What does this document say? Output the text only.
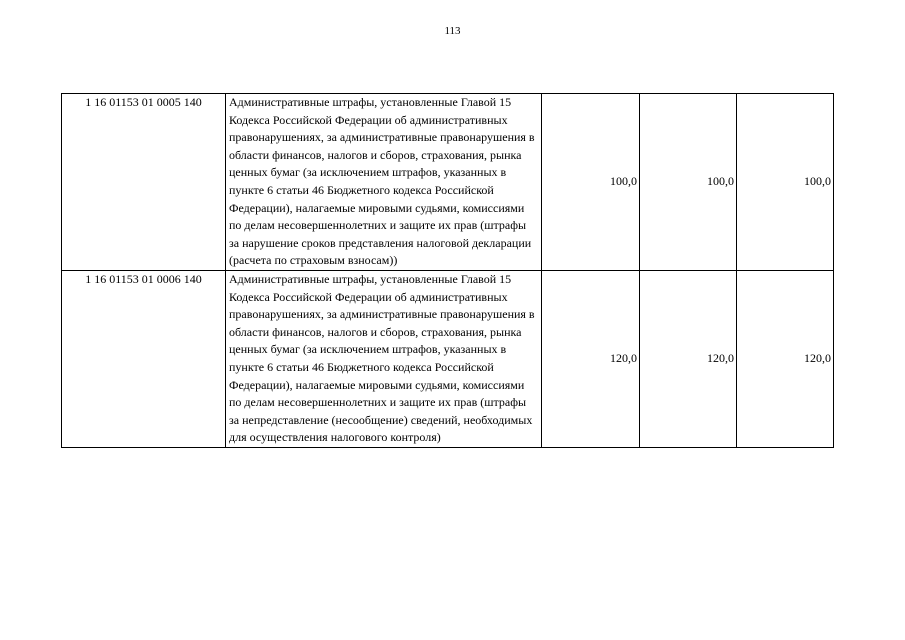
113
1 16 01153 01 0005 140	Административные штрафы, установленные Главой 15 Кодекса Российской Федерации об административных правонарушениях, за административные правонарушения в области финансов, налогов и сборов, страхования, рынка ценных бумаг (за исключением штрафов, указанных в пункте 6 статьи 46 Бюджетного кодекса Российской Федерации), налагаемые мировыми судьями, комиссиями по делам несовершеннолетних и защите их прав (штрафы за нарушение сроков представления налоговой декларации (расчета по страховым взносам))	100,0	100,0	100,0
1 16 01153 01 0006 140	Административные штрафы, установленные Главой 15 Кодекса Российской Федерации об административных правонарушениях, за административные правонарушения в области финансов, налогов и сборов, страхования, рынка ценных бумаг (за исключением штрафов, указанных в пункте 6 статьи 46 Бюджетного кодекса Российской Федерации), налагаемые мировыми судьями, комиссиями по делам несовершеннолетних и защите их прав (штрафы за непредставление (несообщение) сведений, необходимых для осуществления налогового контроля)	120,0	120,0	120,0
